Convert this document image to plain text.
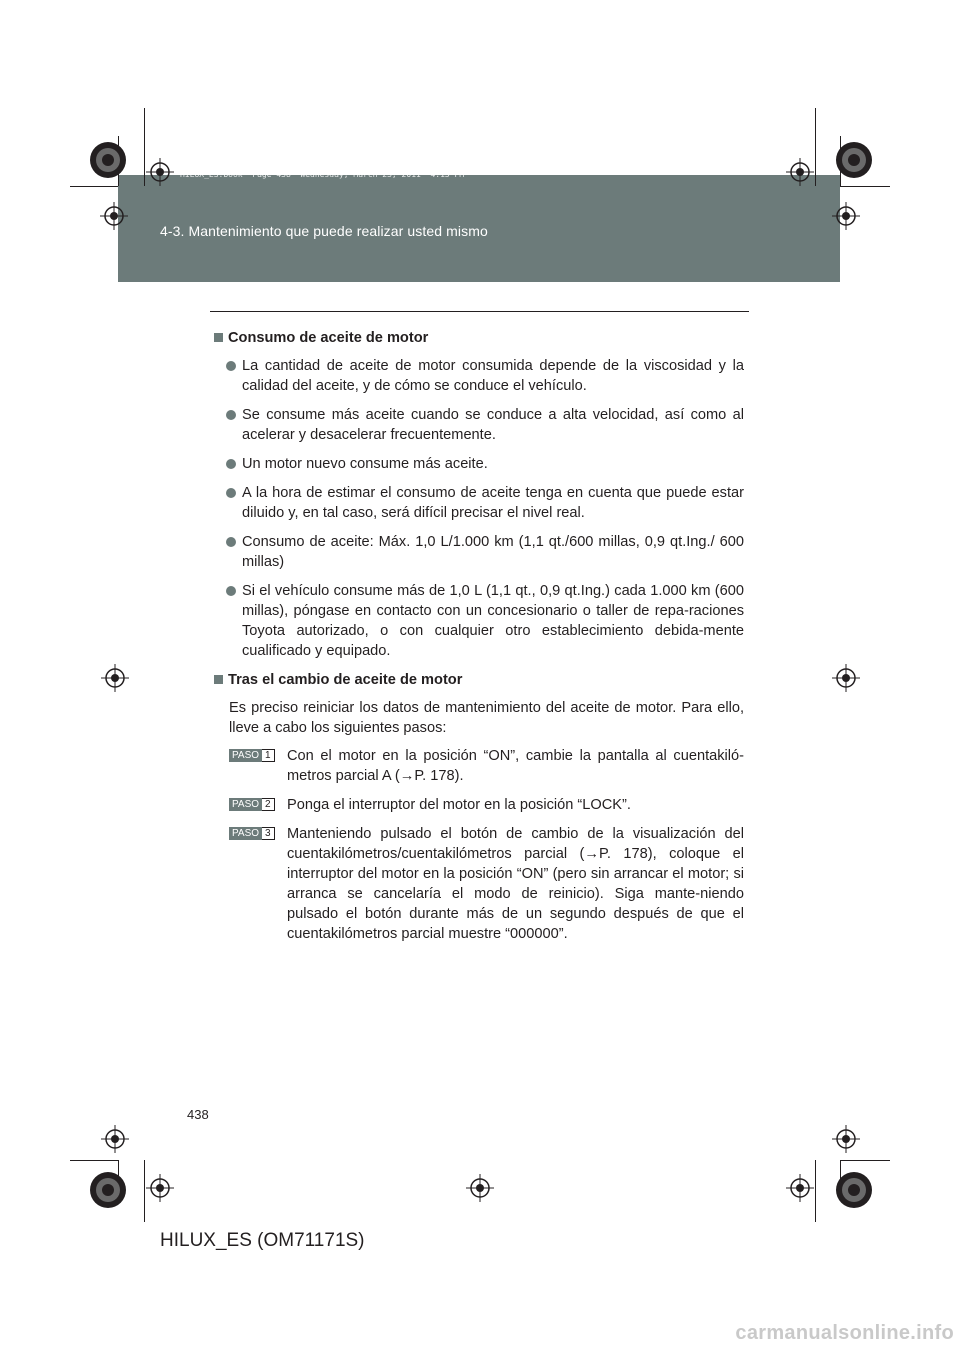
HILUX_ES.book  Page 438  Wednesday, March 23, 2011  4:15 PM
4-3. Mantenimiento que puede realizar usted mismo
Consumo de aceite de motor
La cantidad de aceite de motor consumida depende de la viscosidad y la calidad del aceite, y de cómo se conduce el vehículo.
Se consume más aceite cuando se conduce a alta velocidad, así como al acelerar y desacelerar frecuentemente.
Un motor nuevo consume más aceite.
A la hora de estimar el consumo de aceite tenga en cuenta que puede estar diluido y, en tal caso, será difícil precisar el nivel real.
Consumo de aceite: Máx. 1,0 L/1.000 km (1,1 qt./600 millas, 0,9 qt.Ing./ 600 millas)
Si el vehículo consume más de 1,0 L (1,1 qt., 0,9 qt.Ing.) cada 1.000 km (600 millas), póngase en contacto con un concesionario o taller de repa-raciones Toyota autorizado, o con cualquier otro establecimiento debida-mente cualificado y equipado.
Tras el cambio de aceite de motor
Es preciso reiniciar los datos de mantenimiento del aceite de motor. Para ello, lleve a cabo los siguientes pasos:
PASO 1 Con el motor en la posición “ON”, cambie la pantalla al cuentakiló-metros parcial A (→P. 178).
PASO 2 Ponga el interruptor del motor en la posición “LOCK”.
PASO 3 Manteniendo pulsado el botón de cambio de la visualización del cuentakilómetros/cuentakilómetros parcial (→P. 178), coloque el interruptor del motor en la posición “ON” (pero sin arrancar el motor; si arranca se cancelaría el modo de reinicio). Siga mante-niendo pulsado el botón durante más de un segundo después de que el cuentakilómetros parcial muestre “000000”.
438
HILUX_ES (OM71171S)
carmanualsonline.info
